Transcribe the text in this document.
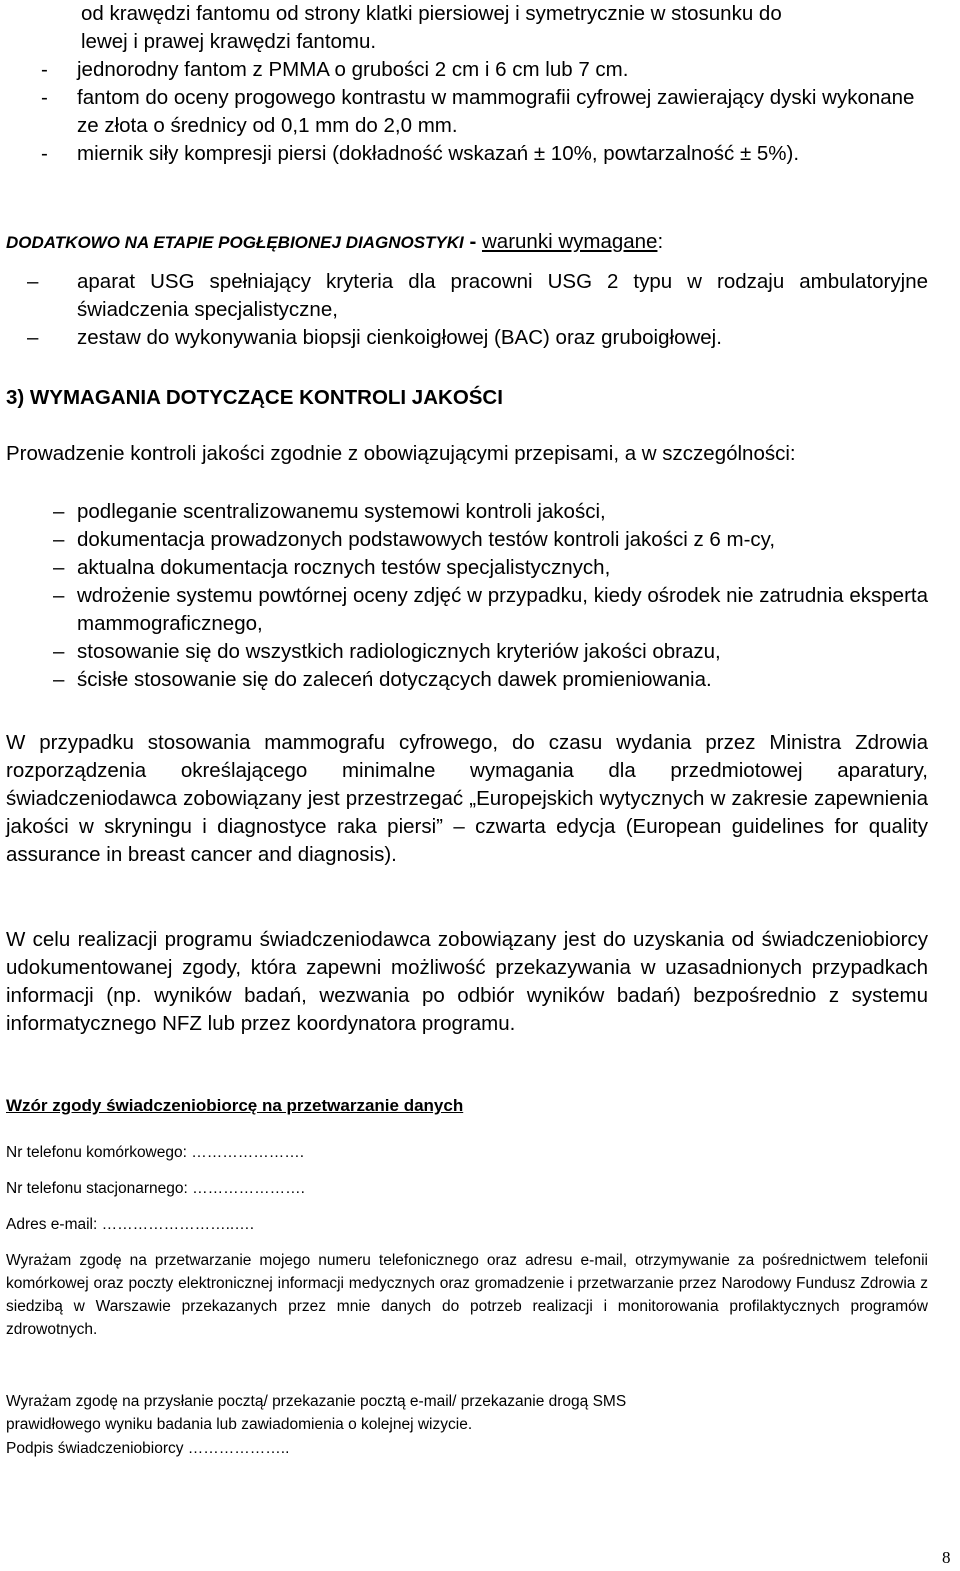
od krawędzi fantomu od strony klatki piersiowej i symetrycznie w stosunku do
lewej i prawej krawędzi fantomu.
- jednorodny fantom z PMMA o grubości 2 cm i 6 cm lub 7 cm.
- fantom do oceny progowego kontrastu w mammografii cyfrowej zawierający dyski wykonane ze złota o średnicy od 0,1 mm do 2,0 mm.
- miernik siły kompresji piersi (dokładność wskazań ± 10%, powtarzalność ± 5%).
DODATKOWO NA ETAPIE POGŁĘBIONEJ DIAGNOSTYKI - warunki wymagane:
– aparat USG spełniający kryteria dla pracowni USG 2 typu w rodzaju ambulatoryjne świadczenia specjalistyczne,
– zestaw do wykonywania biopsji cienkoigłowej (BAC) oraz gruboigłowej.
3) WYMAGANIA DOTYCZĄCE KONTROLI JAKOŚCI
Prowadzenie kontroli jakości zgodnie z obowiązującymi przepisami, a w szczególności:
– podleganie scentralizowanemu systemowi kontroli jakości,
– dokumentacja prowadzonych podstawowych testów kontroli jakości z 6 m-cy,
– aktualna dokumentacja rocznych testów specjalistycznych,
– wdrożenie systemu powtórnej oceny zdjęć w przypadku, kiedy ośrodek nie zatrudnia eksperta mammograficznego,
– stosowanie się do wszystkich radiologicznych kryteriów jakości obrazu,
– ścisłe stosowanie się do zaleceń dotyczących dawek promieniowania.
W przypadku stosowania mammografu cyfrowego, do czasu wydania przez Ministra Zdrowia rozporządzenia określającego minimalne wymagania dla przedmiotowej aparatury, świadczeniodawca zobowiązany jest przestrzegać „Europejskich wytycznych w zakresie zapewnienia jakości w skryningu i diagnostyce raka piersi” – czwarta edycja (European guidelines for quality assurance in breast cancer and diagnosis).
W celu realizacji programu świadczeniodawca zobowiązany jest do uzyskania od świadczeniobiorcy udokumentowanej zgody, która zapewni możliwość przekazywania w uzasadnionych przypadkach informacji (np. wyników badań, wezwania po odbiór wyników badań) bezpośrednio z systemu informatycznego NFZ lub przez koordynatora programu.
Wzór zgody świadczeniobiorcę na przetwarzanie danych
Nr telefonu komórkowego: ………………….
Nr telefonu stacjonarnego: ………………….
Adres e-mail: ……………………..….
Wyrażam zgodę na przetwarzanie mojego numeru telefonicznego oraz adresu e-mail, otrzymywanie za pośrednictwem telefonii komórkowej oraz poczty elektronicznej informacji medycznych oraz gromadzenie i przetwarzanie przez Narodowy Fundusz Zdrowia z siedzibą w Warszawie przekazanych przez mnie danych do potrzeb realizacji i monitorowania profilaktycznych programów zdrowotnych.
Wyrażam zgodę na przysłanie pocztą/ przekazanie pocztą e-mail/ przekazanie drogą SMS
prawidłowego wyniku badania lub zawiadomienia o kolejnej wizycie.
Podpis świadczeniobiorcy ………………..
8
